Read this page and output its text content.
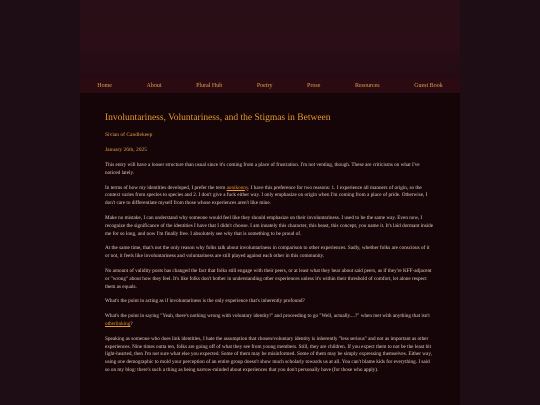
Home	About	Plural Hub	Poetry	Prose	Resources	Guest Book
Involuntariness, Voluntariness, and the Stigmas in Between
Sivian of Candlekeep
January 26th, 2025

This entry will have a looser structure than usual since it's coming from a place of frustration. I'm not venting, though. These are criticisms on what I've noticed lately.

In terms of how my identities developed, I prefer the term aonikonny. I have this preference for two reasons: 1. I experience all manners of origin, so the context varies from species to species and 2. I don't give a fuck either way. I only emphasize on origin when I'm coming from a place of pride. Otherwise, I don't care to differentiate myself from those whose experiences aren't like mine.

Make no mistake, I can understand why someone would feel like they should emphasize on their involuntariness. I used to be the same way. Even now, I recognize the significance of the identities I have that I didn't choose. I am innately this character, this beast, this concept, you name it. It's laid dormant inside me for so long, and now I'm finally free. I absolutely see why that is something to be proud of.

At the same time, that's not the only reason why folks talk about involuntariness in comparison to other experiences. Sadly, whether folks are conscious of it or not, it feels like involuntariness and voluntariness are still played against each other in this community.

No amount of validity posts has changed the fact that folks still engage with their peers, or at least what they hear about said peers, as if they're KFF-adjacent or "wrong" about how they feel. It's like folks don't bother in understanding other experiences unless it's within their threshold of comfort, let alone respect them as equals.

What's the point in acting as if involuntariness is the only experience that's inherently profound?

What's the point in saying "Yeah, there's nothing wrong with voluntary identity!" and proceeding to go "Well, actually....?" when met with anything that isn't otherlinking?

Speaking as someone who does link identities, I hate the assumption that chosen/voluntary identity is inherently "less serious" and not as important as other experiences. Nine times outta ten, folks are going off of what they see from young members. Still, they are children. If you expect them to not be the least bit light-hearted, then I'm not sure what else you expected. Some of them may be misinformed. Some of them may be simply expressing themselves. Either way, using one demographic to mold your perception of an entire group doesn't show much scholarly towards us at all. You can't blame kids for everything. I said so on my blog: there's such a thing as being narrow-minded about experiences that you don't personally have (for those who apply).
